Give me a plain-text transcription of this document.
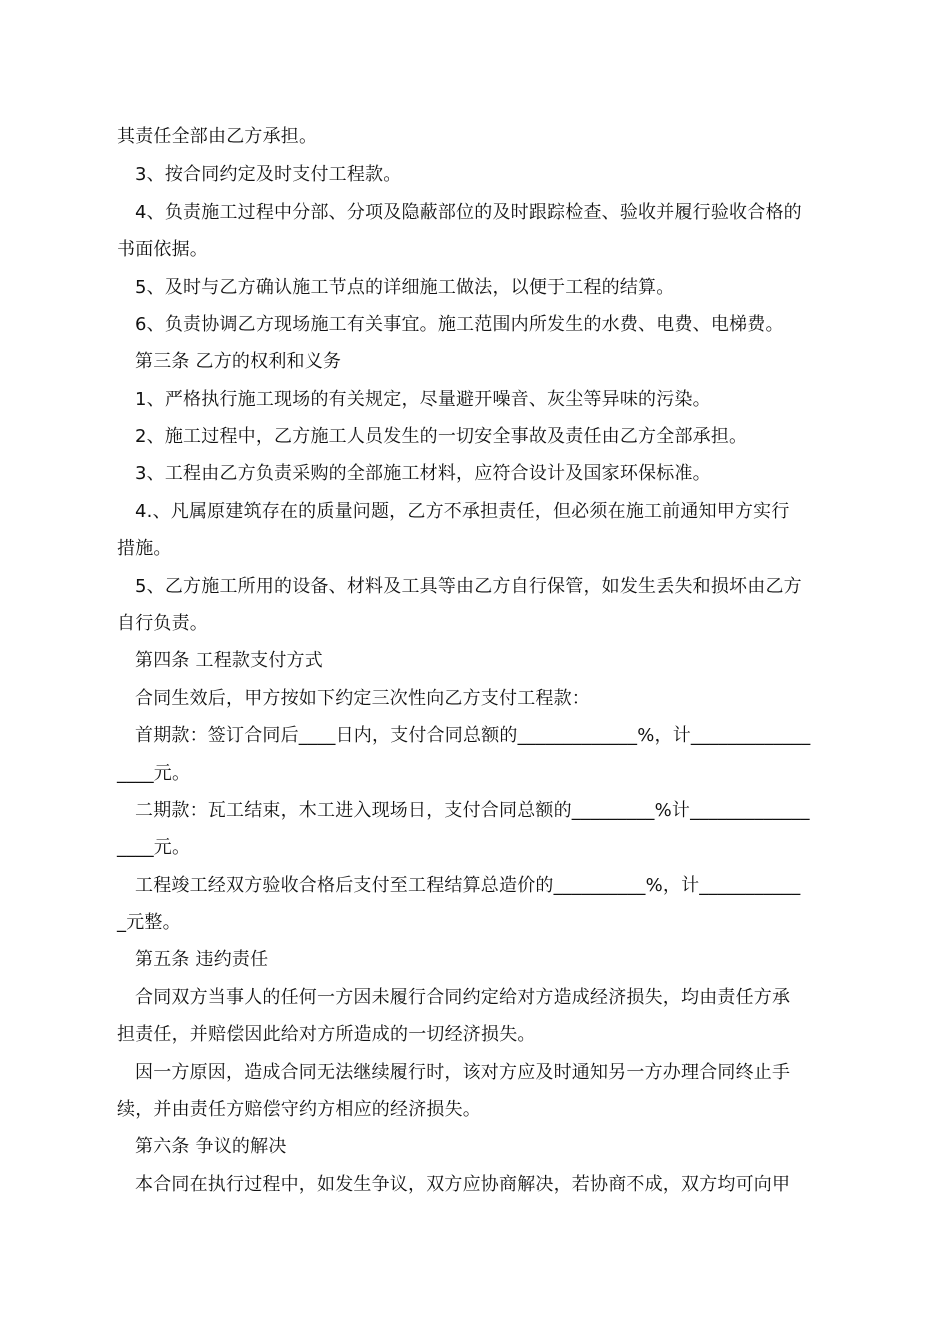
其责任全部由乙方承担。
3、按合同约定及时支付工程款。
4、负责施工过程中分部、分项及隐蔽部位的及时跟踪检查、验收并履行验收合格的
书面依据。
5、及时与乙方确认施工节点的详细施工做法，以便于工程的结算。
6、负责协调乙方现场施工有关事宜。施工范围内所发生的水费、电费、电梯费。
第三条 乙方的权利和义务
1、严格执行施工现场的有关规定，尽量避开噪音、灰尘等异味的污染。
2、施工过程中，乙方施工人员发生的一切安全事故及责任由乙方全部承担。
3、工程由乙方负责采购的全部施工材料，应符合设计及国家环保标准。
4.、凡属原建筑存在的质量问题，乙方不承担责任，但必须在施工前通知甲方实行
措施。
5、乙方施工所用的设备、材料及工具等由乙方自行保管，如发生丢失和损坏由乙方
自行负责。
第四条 工程款支付方式
合同生效后，甲方按如下约定三次性向乙方支付工程款：
首期款：签订合同后____日内，支付合同总额的_____________%，计_____________
____元。
二期款：瓦工结束，木工进入现场日，支付合同总额的_________%计_____________
____元。
工程竣工经双方验收合格后支付至工程结算总造价的__________%，计___________
_元整。
第五条 违约责任
合同双方当事人的任何一方因未履行合同约定给对方造成经济损失，均由责任方承
担责任，并赔偿因此给对方所造成的一切经济损失。
因一方原因，造成合同无法继续履行时，该对方应及时通知另一方办理合同终止手
续，并由责任方赔偿守约方相应的经济损失。
第六条 争议的解决
本合同在执行过程中，如发生争议，双方应协商解决，若协商不成，双方均可向甲
